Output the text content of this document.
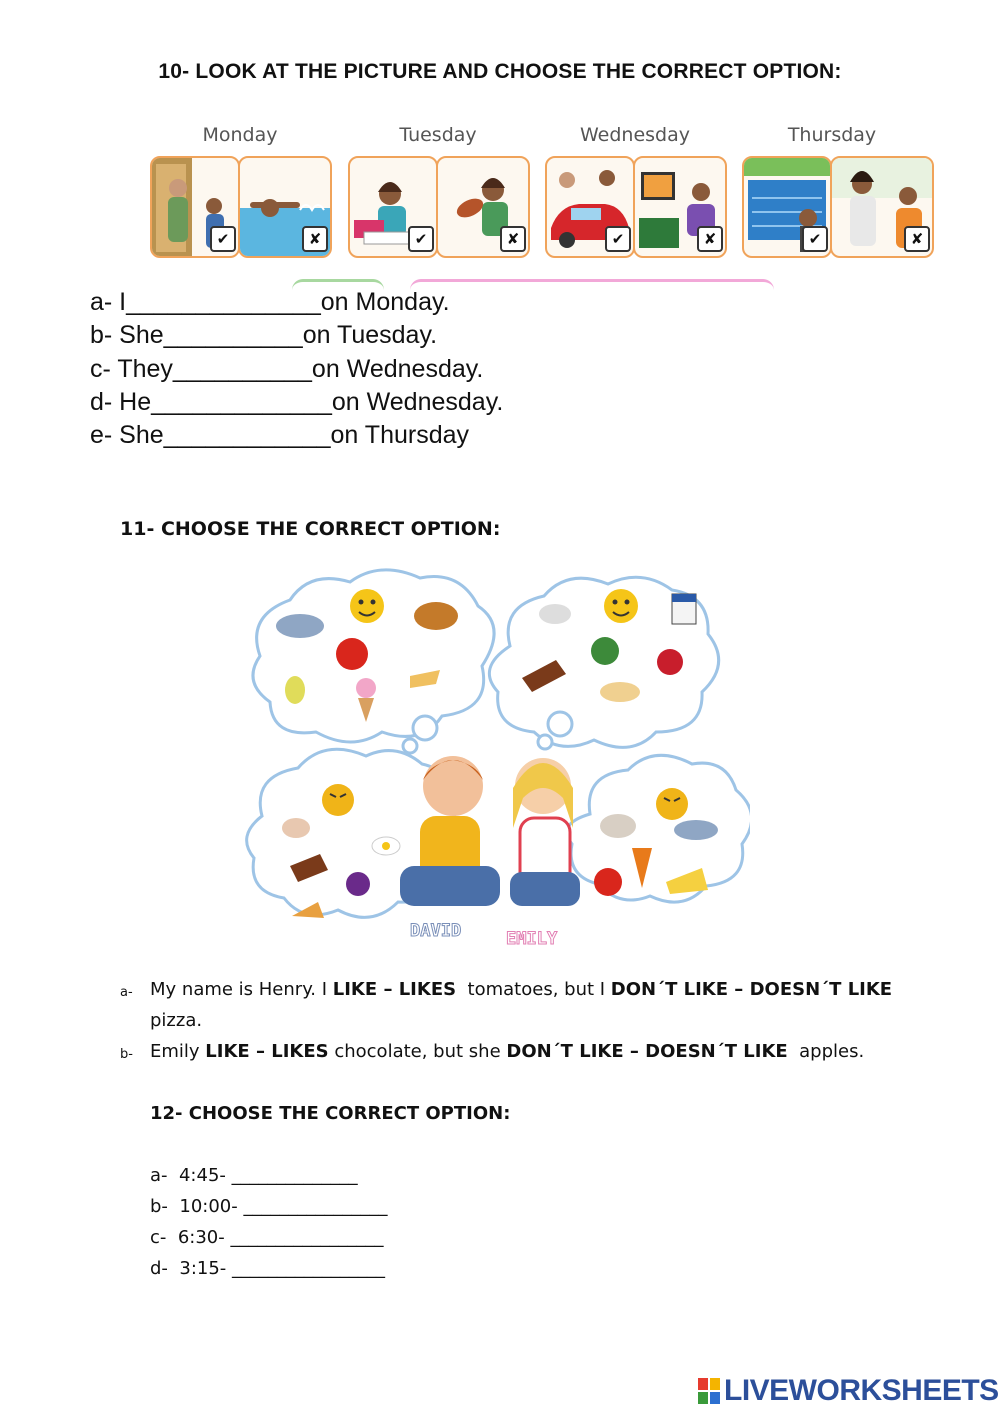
10- LOOK AT THE PICTURE AND CHOOSE THE CORRECT OPTION:
Monday	Tuesday	Wednesday	Thursday
✔	✘	✔	✘	✔	✘	✔	✘
a- I______________on Monday.
b- She__________on Tuesday.
c- They__________on Wednesday.
d- He_____________on Wednesday.
e- She____________on Thursday
11- CHOOSE THE CORRECT OPTION:
DAVID	EMILY
a- My name is Henry. I LIKE – LIKES  tomatoes, but I DON´T LIKE – DOESN´T LIKE
pizza.
b- Emily LIKE – LIKES chocolate, but she DON´T LIKE – DOESN´T LIKE  apples.
12- CHOOSE THE CORRECT OPTION:
a-  4:45- ______________
b-  10:00- ________________
c-  6:30- _________________
d-  3:15- _________________
LIVEWORKSHEETS
